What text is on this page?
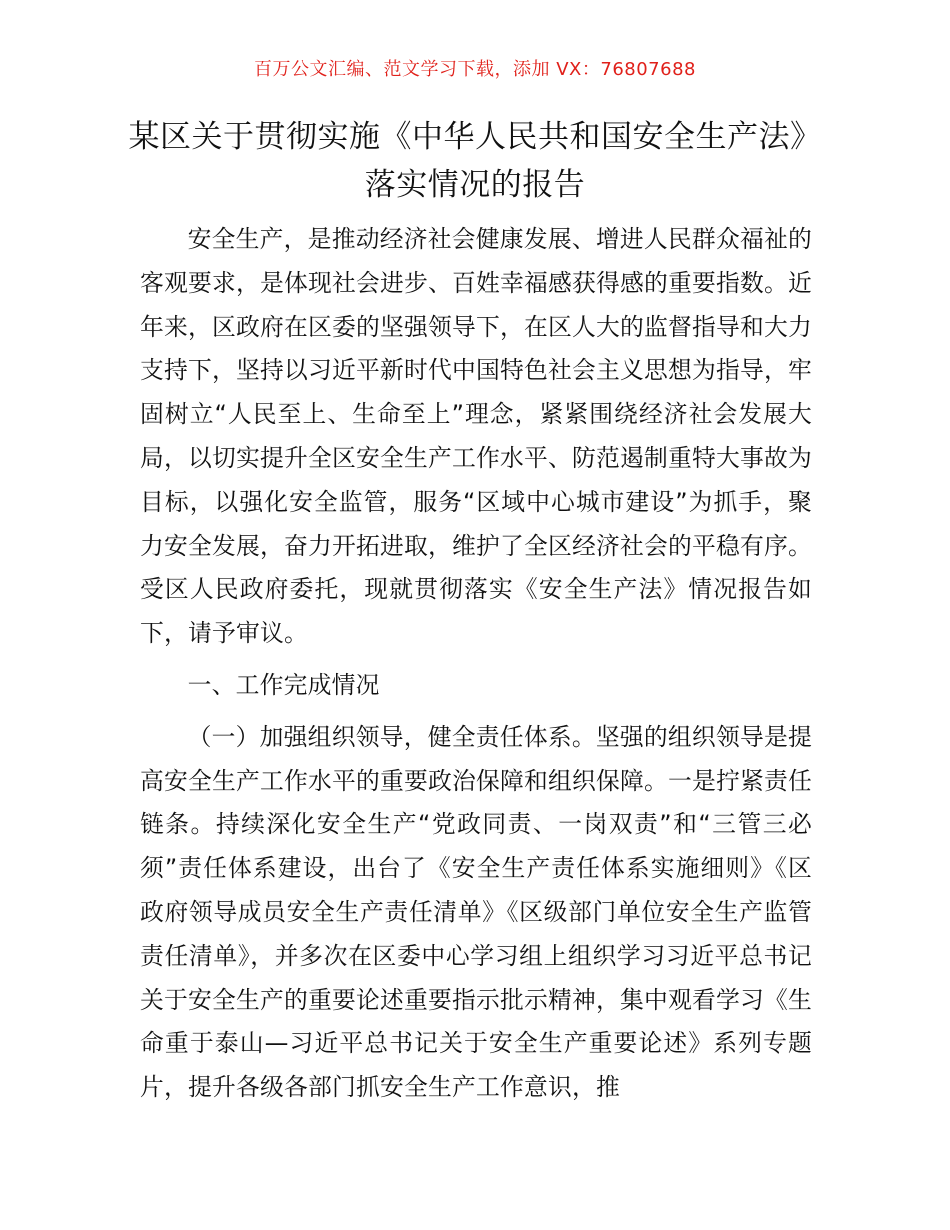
百万公文汇编、范文学习下载，添加 VX：76807688
某区关于贯彻实施《中华人民共和国安全生产法》落实情况的报告

安全生产，是推动经济社会健康发展、增进人民群众福祉的客观要求，是体现社会进步、百姓幸福感获得感的重要指数。近年来，区政府在区委的坚强领导下，在区人大的监督指导和大力支持下，坚持以习近平新时代中国特色社会主义思想为指导，牢固树立“人民至上、生命至上”理念，紧紧围绕经济社会发展大局，以切实提升全区安全生产工作水平、防范遏制重特大事故为目标，以强化安全监管，服务“区域中心城市建设”为抓手，聚力安全发展，奋力开拓进取，维护了全区经济社会的平稳有序。受区人民政府委托，现就贯彻落实《安全生产法》情况报告如下，请予审议。

一、工作完成情况

（一）加强组织领导，健全责任体系。坚强的组织领导是提高安全生产工作水平的重要政治保障和组织保障。一是拧紧责任链条。持续深化安全生产“党政同责、一岗双责”和“三管三必须”责任体系建设，出台了《安全生产责任体系实施细则》《区政府领导成员安全生产责任清单》《区级部门单位安全生产监管责任清单》，并多次在区委中心学习组上组织学习习近平总书记关于安全生产的重要论述重要指示批示精神，集中观看学习《生命重于泰山—习近平总书记关于安全生产重要论述》系列专题片，提升各级各部门抓安全生产工作意识，推
